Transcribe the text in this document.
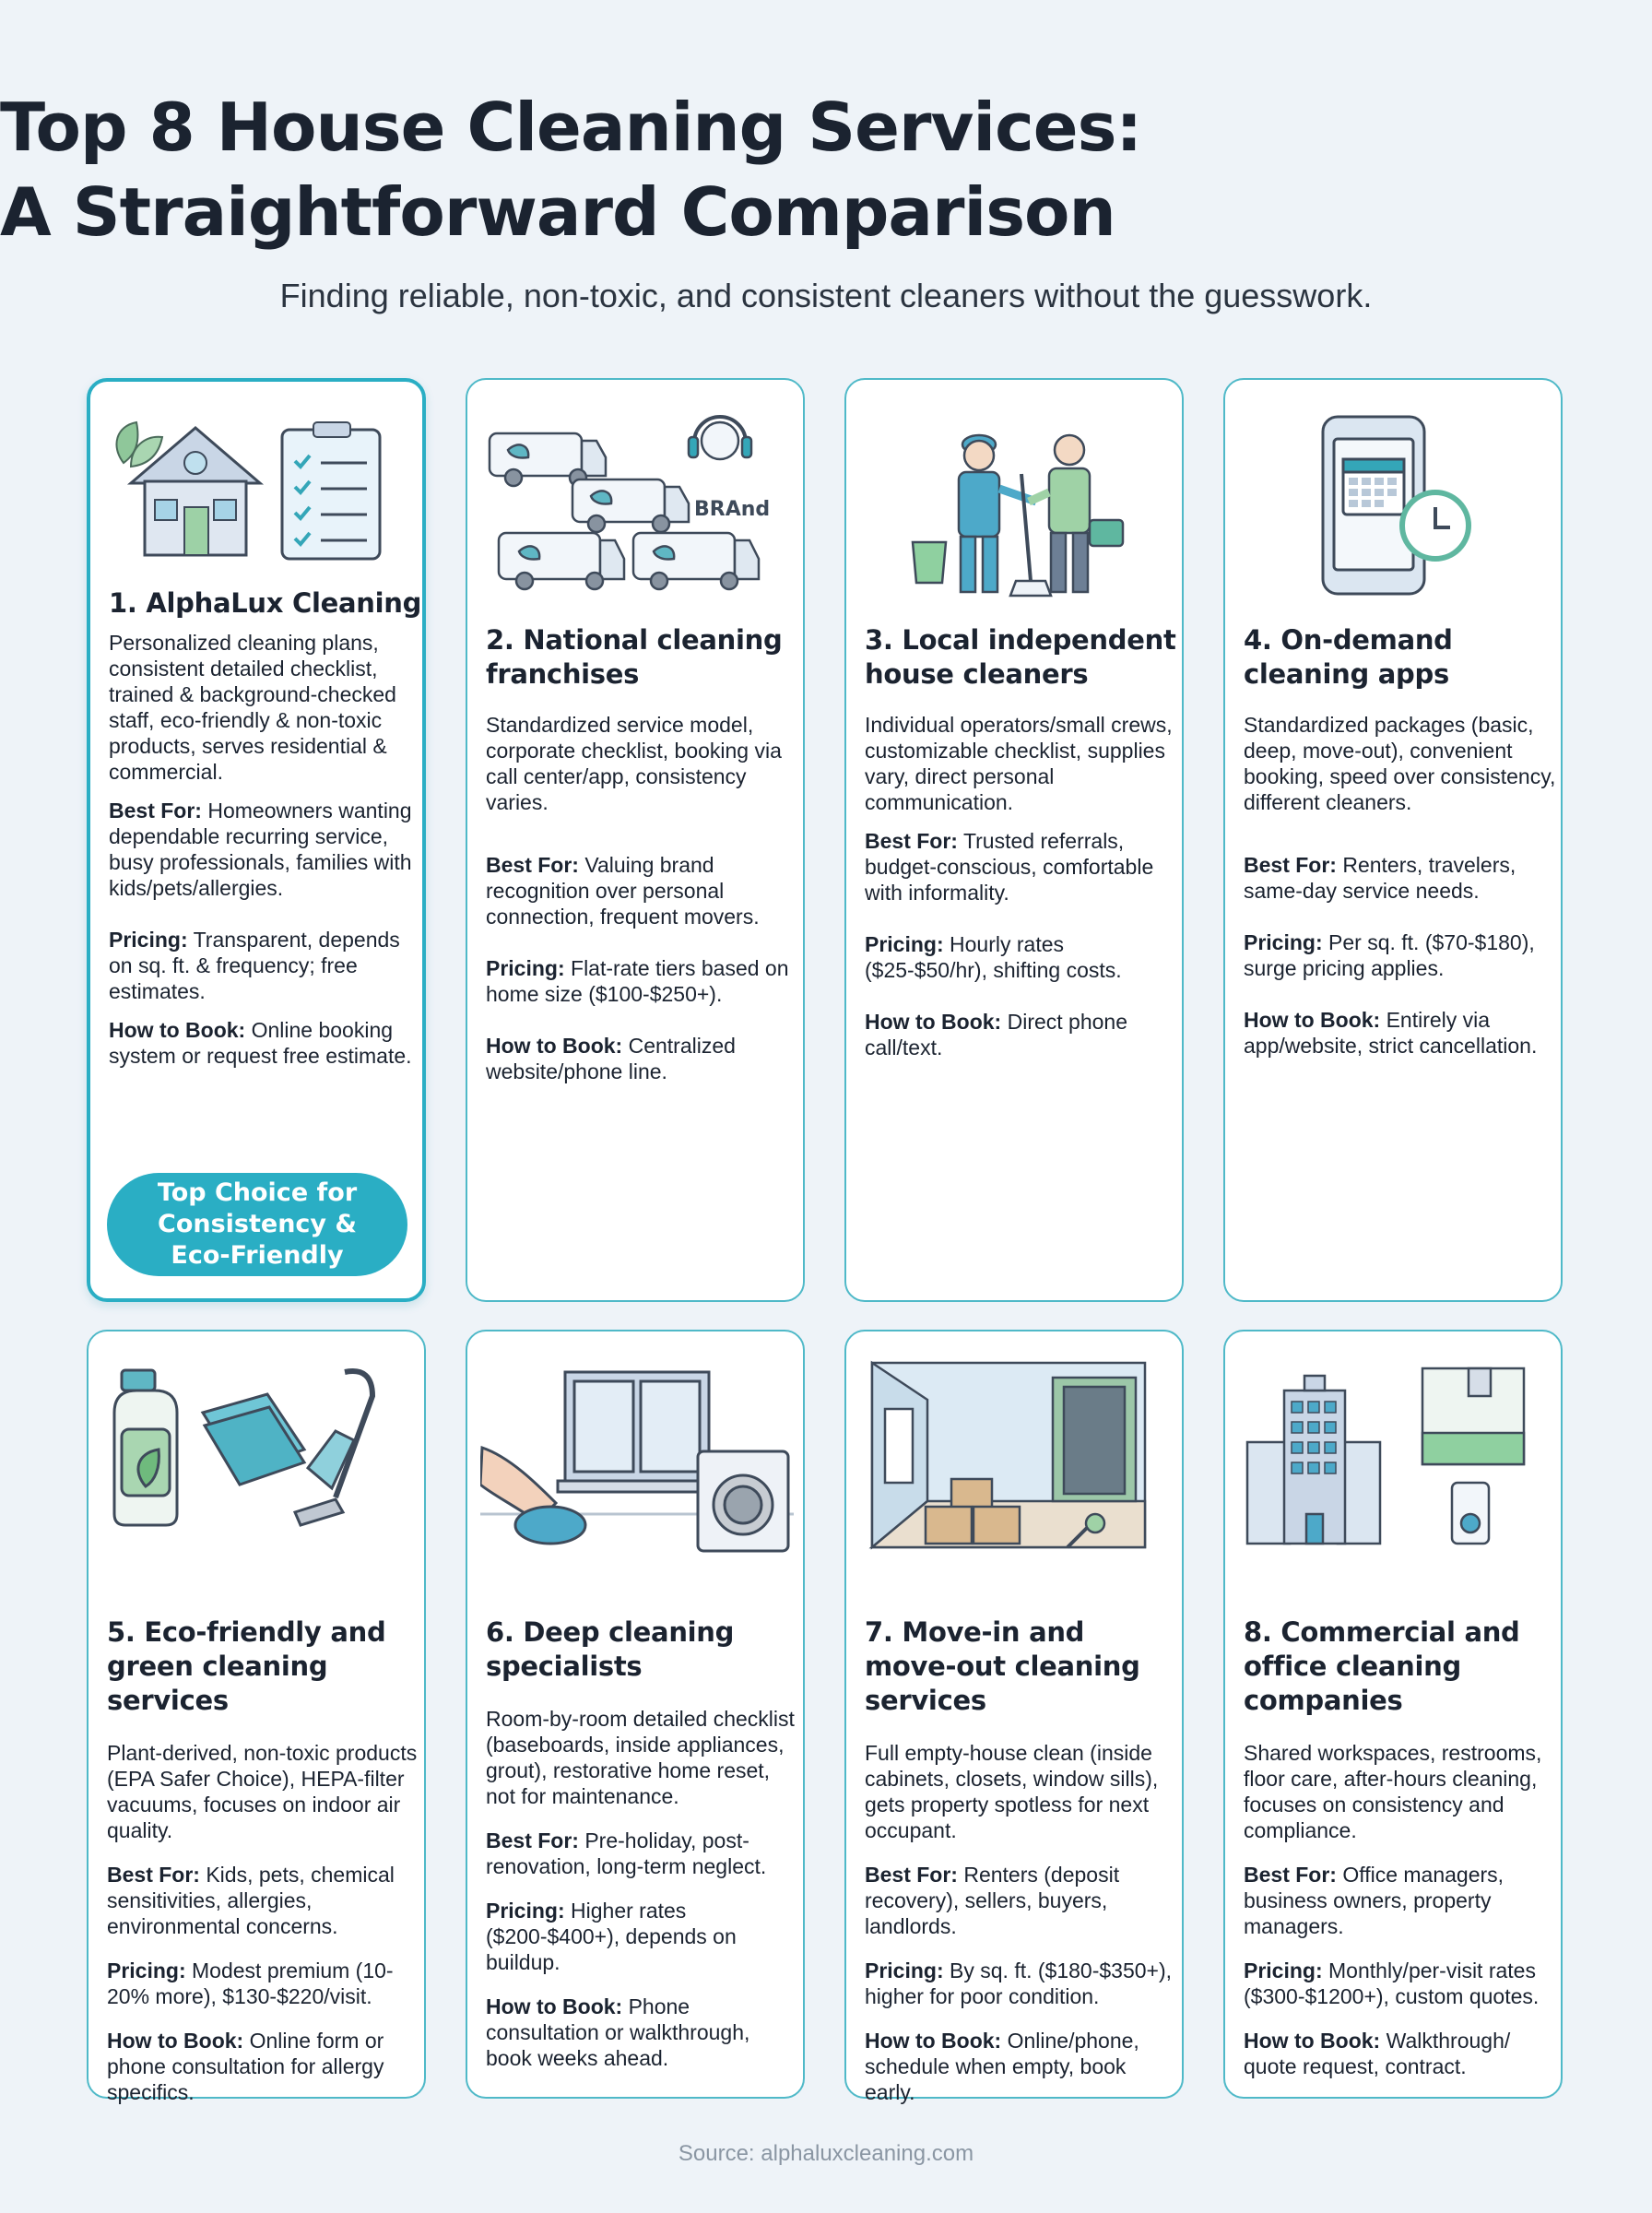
Top 8 House Cleaning Services:
A Straightforward Comparison
Finding reliable, non-toxic, and consistent cleaners without the guesswork.
1. AlphaLux Cleaning

Personalized cleaning plans, consistent detailed checklist, trained & background-checked staff, eco-friendly & non-toxic products, serves residential & commercial.

Best For: Homeowners wanting dependable recurring service, busy professionals, families with kids/pets/allergies.

Pricing: Transparent, depends on sq. ft. & frequency; free estimates.

How to Book: Online booking system or request free estimate.

Top Choice for Consistency & Eco-Friendly
BRAnd
2. National cleaning franchises

Standardized service model, corporate checklist, booking via call center/app, consistency varies.

Best For: Valuing brand recognition over personal connection, frequent movers.

Pricing: Flat-rate tiers based on home size ($100-$250+).

How to Book: Centralized website/phone line.

3. Local independent house cleaners

Individual operators/small crews, customizable checklist, supplies vary, direct personal communication.

Best For: Trusted referrals, budget-conscious, comfortable with informality.

Pricing: Hourly rates ($25-$50/hr), shifting costs.

How to Book: Direct phone call/text.

4. On-demand cleaning apps

Standardized packages (basic, deep, move-out), convenient booking, speed over consistency, different cleaners.

Best For: Renters, travelers, same-day service needs.

Pricing: Per sq. ft. ($70-$180), surge pricing applies.

How to Book: Entirely via app/website, strict cancellation.

5. Eco-friendly and green cleaning services

Plant-derived, non-toxic products (EPA Safer Choice), HEPA-filter vacuums, focuses on indoor air quality.

Best For: Kids, pets, chemical sensitivities, allergies, environmental concerns.

Pricing: Modest premium (10-20% more), $130-$220/visit.

How to Book: Online form or phone consultation for allergy specifics.

6. Deep cleaning specialists

Room-by-room detailed checklist (baseboards, inside appliances, grout), restorative home reset, not for maintenance.

Best For: Pre-holiday, post-renovation, long-term neglect.

Pricing: Higher rates ($200-$400+), depends on buildup.

How to Book: Phone consultation or walkthrough, book weeks ahead.

7. Move-in and move-out cleaning services

Full empty-house clean (inside cabinets, closets, window sills), gets property spotless for next occupant.

Best For: Renters (deposit recovery), sellers, buyers, landlords.

Pricing: By sq. ft. ($180-$350+), higher for poor condition.

How to Book: Online/phone, schedule when empty, book early.

8. Commercial and office cleaning companies

Shared workspaces, restrooms, floor care, after-hours cleaning, focuses on consistency and compliance.

Best For: Office managers, business owners, property managers.

Pricing: Monthly/per-visit rates ($300-$1200+), custom quotes.

How to Book: Walkthrough/ quote request, contract.

Source: alphaluxcleaning.com
